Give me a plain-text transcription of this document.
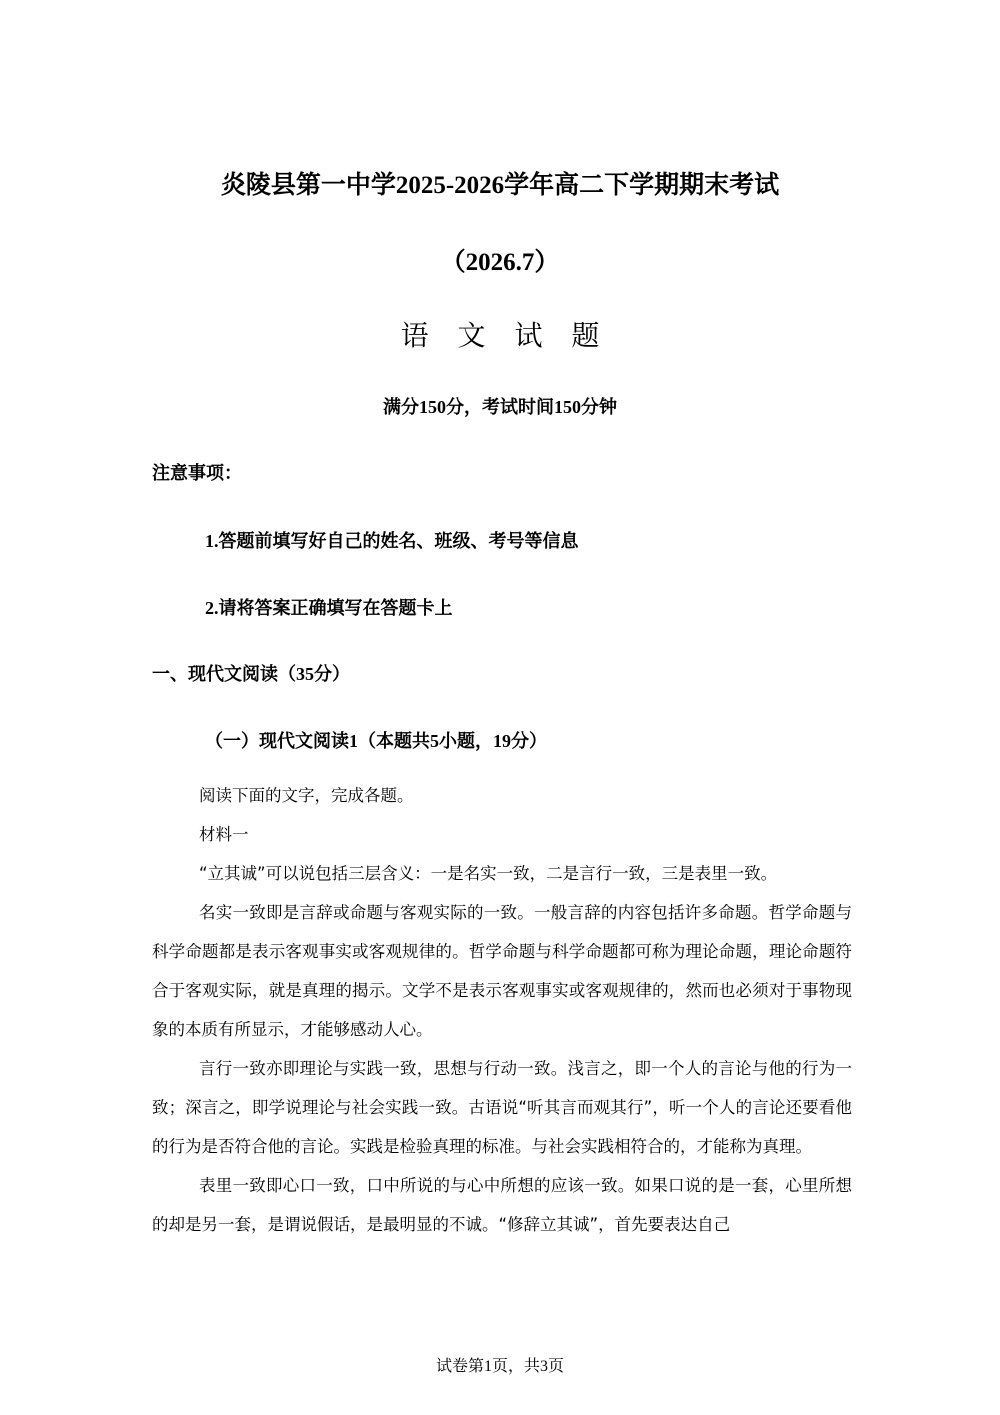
炎陵县第一中学2025-2026学年高二下学期期末考试
（2026.7）
语 文 试 题
满分150分，考试时间150分钟
注意事项：
1.答题前填写好自己的姓名、班级、考号等信息
2.请将答案正确填写在答题卡上
一、现代文阅读（35分）
（一）现代文阅读1（本题共5小题，19分）

阅读下面的文字，完成各题。

材料一

“立其诚”可以说包括三层含义：一是名实一致，二是言行一致，三是表里一致。

名实一致即是言辞或命题与客观实际的一致。一般言辞的内容包括许多命题。哲学命题与科学命题都是表示客观事实或客观规律的。哲学命题与科学命题都可称为理论命题，理论命题符合于客观实际，就是真理的揭示。文学不是表示客观事实或客观规律的，然而也必须对于事物现象的本质有所显示，才能够感动人心。

言行一致亦即理论与实践一致，思想与行动一致。浅言之，即一个人的言论与他的行为一致；深言之，即学说理论与社会实践一致。古语说“听其言而观其行”，听一个人的言论还要看他的行为是否符合他的言论。实践是检验真理的标准。与社会实践相符合的，才能称为真理。

表里一致即心口一致，口中所说的与心中所想的应该一致。如果口说的是一套，心里所想的却是另一套，是谓说假话，是最明显的不诚。“修辞立其诚”，首先要表达自己

试卷第1页，共3页
